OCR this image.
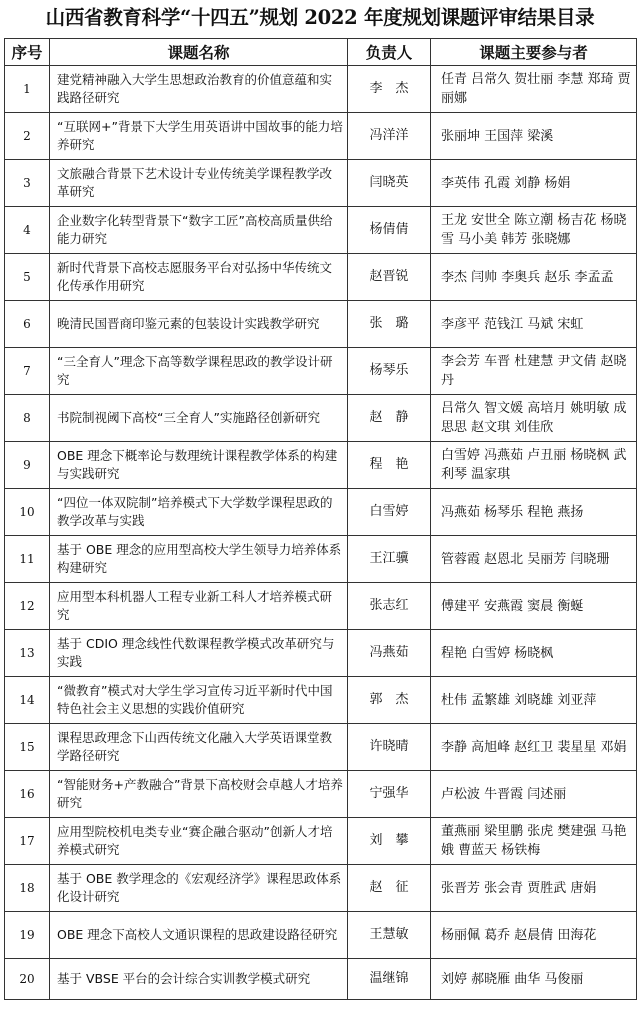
山西省教育科学“十四五”规划 2022 年度规划课题评审结果目录
序号	课题名称	负责人	课题主要参与者
1	建党精神融入大学生思想政治教育的价值意蕴和实践路径研究	李　杰	任青 吕常久 贺壮丽 李慧 郑琦 贾丽娜
2	“互联网+”背景下大学生用英语讲中国故事的能力培养研究	冯洋洋	张丽坤 王国萍 梁溪
3	文旅融合背景下艺术设计专业传统美学课程教学改革研究	闫晓英	李英伟 孔霞 刘静 杨娟
4	企业数字化转型背景下“数字工匠”高校高质量供给能力研究	杨倩倩	王龙 安世全 陈立潮 杨吉花 杨晓雪 马小美 韩芳 张晓娜
5	新时代背景下高校志愿服务平台对弘扬中华传统文化传承作用研究	赵晋锐	李杰 闫帅 李奥兵 赵乐 李孟孟
6	晚清民国晋商印鉴元素的包装设计实践教学研究	张　璐	李彦平 范钱江 马斌 宋虹
7	“三全育人”理念下高等数学课程思政的教学设计研究	杨琴乐	李会芳 车晋 杜建慧 尹文倩 赵晓丹
8	书院制视阈下高校“三全育人”实施路径创新研究	赵　静	吕常久 智文媛 高培月 姚明敏 成思思 赵文琪 刘佳欣
9	OBE 理念下概率论与数理统计课程教学体系的构建与实践研究	程　艳	白雪婷 冯燕茹 卢丑丽 杨晓枫 武利琴 温家琪
10	“四位一体双院制”培养模式下大学数学课程思政的教学改革与实践	白雪婷	冯燕茹 杨琴乐 程艳 燕扬
11	基于 OBE 理念的应用型高校大学生领导力培养体系构建研究	王江骥	管蓉霞 赵恩北 吴丽芳 闫晓珊
12	应用型本科机器人工程专业新工科人才培养模式研究	张志红	傅建平 安燕霞 窦晨 衡蜒
13	基于 CDIO 理念线性代数课程教学模式改革研究与实践	冯燕茹	程艳 白雪婷 杨晓枫
14	“微教育”模式对大学生学习宣传习近平新时代中国特色社会主义思想的实践价值研究	郭　杰	杜伟 孟繁雄 刘晓雄 刘亚萍
15	课程思政理念下山西传统文化融入大学英语课堂教学路径研究	许晓晴	李静 高旭峰 赵红卫 裴星星 邓娟
16	“智能财务+产教融合”背景下高校财会卓越人才培养研究	宁强华	卢松波 牛晋霞 闫述丽
17	应用型院校机电类专业“赛企融合驱动”创新人才培养模式研究	刘　攀	董燕丽 梁里鹏 张虎 樊建强 马艳娥 曹蓝天 杨铁梅
18	基于 OBE 教学理念的《宏观经济学》课程思政体系化设计研究	赵　征	张晋芳 张会青 贾胜武 唐娟
19	OBE 理念下高校人文通识课程的思政建设路径研究	王慧敏	杨丽佩 葛乔 赵晨倩 田海花
20	基于 VBSE 平台的会计综合实训教学模式研究	温继锦	刘婷 郝晓雁 曲华 马俊丽
